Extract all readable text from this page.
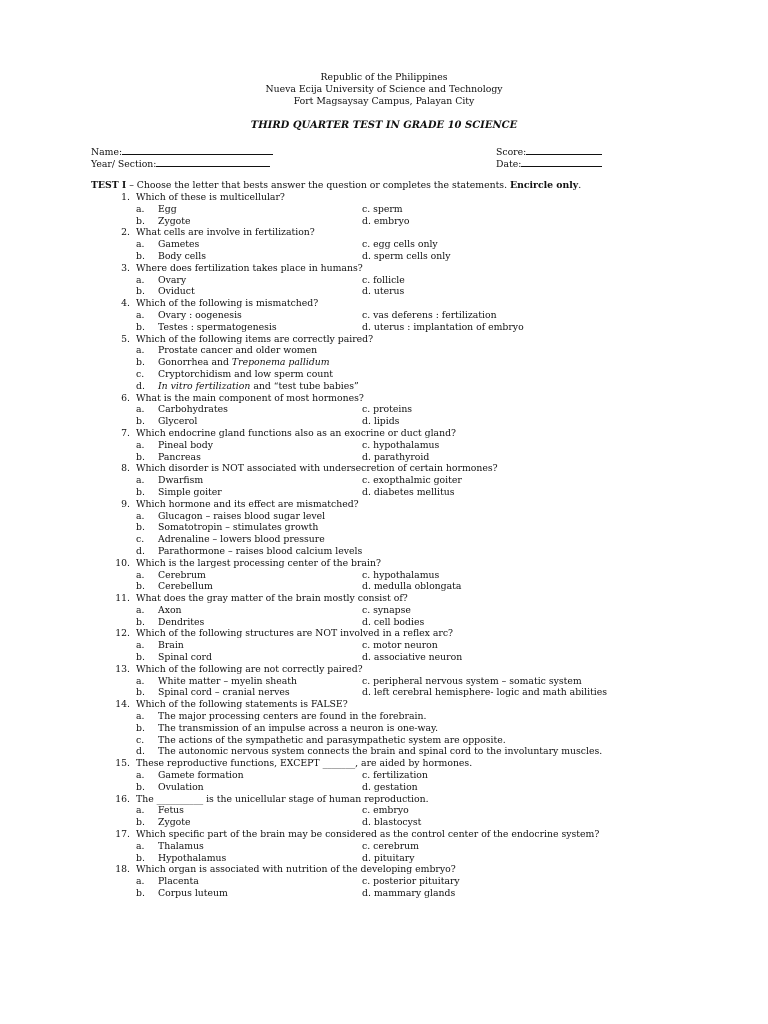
Republic of the Philippines
Nueva Ecija University of Science and Technology
Fort Magsaysay Campus, Palayan City
THIRD QUARTER TEST IN GRADE 10 SCIENCE
Name:
Year/ Section:
Score:
Date:
TEST I – Choose the letter that bests answer the question or completes the statements. Encircle only.
1. Which of these is multicellular?
a.	Egg	c. sperm
b.	Zygote	d. embryo
2. What cells are involve in fertilization?
a.	Gametes	c. egg cells only
b.	Body cells	d. sperm cells only
3. Where does fertilization takes place in humans?
a.	Ovary	c. follicle
b.	Oviduct	d. uterus
4. Which of the following is mismatched?
a.	Ovary : oogenesis	c. vas deferens : fertilization
b.	Testes : spermatogenesis	d. uterus : implantation of embryo
5. Which of the following items are correctly paired?
a.	Prostate cancer and older women
b.	Gonorrhea and Treponema pallidum
c.	Cryptorchidism and low sperm count
d.	In vitro fertilization and “test tube babies”
6. What is the main component of most hormones?
a.	Carbohydrates	c. proteins
b.	Glycerol	d. lipids
7. Which endocrine gland functions also as an exocrine or duct gland?
a.	Pineal body	c. hypothalamus
b.	Pancreas	d. parathyroid
8. Which disorder is NOT associated with undersecretion of certain hormones?
a.	Dwarfism	c. exopthalmic goiter
b.	Simple goiter	d. diabetes mellitus
9. Which hormone and its effect are mismatched?
a.	Glucagon – raises blood sugar level
b.	Somatotropin – stimulates growth
c.	Adrenaline – lowers blood pressure
d.	Parathormone – raises blood calcium levels
10. Which is the largest processing center of the brain?
a.	Cerebrum	c. hypothalamus
b.	Cerebellum	d. medulla oblongata
11. What does the gray matter of the brain mostly consist of?
a.	Axon	c. synapse
b.	Dendrites	d. cell bodies
12. Which of the following structures are NOT involved in a reflex arc?
a.	Brain	c. motor neuron
b.	Spinal cord	d. associative neuron
13. Which of the following are not correctly paired?
a.	White matter – myelin sheath	c. peripheral nervous system – somatic system
b.	Spinal cord – cranial nerves	d. left cerebral hemisphere- logic and math abilities
14. Which of the following statements is FALSE?
a.	The major processing centers are found in the forebrain.
b.	The transmission of an impulse across a neuron is one-way.
c.	The actions of the sympathetic and parasympathetic system are opposite.
d.	The autonomic nervous system connects the brain and spinal cord to the involuntary muscles.
15. These reproductive functions, EXCEPT _______, are aided by hormones.
a.	Gamete formation	c. fertilization
b.	Ovulation	d. gestation
16. The __________ is the unicellular stage of human reproduction.
a.	Fetus	c. embryo
b.	Zygote	d. blastocyst
17. Which specific part of the brain may be considered as the control center of the endocrine system?
a.	Thalamus	c. cerebrum
b.	Hypothalamus	d. pituitary
18. Which organ is associated with nutrition of the developing embryo?
a.	Placenta	c. posterior pituitary
b.	Corpus luteum	d. mammary glands
